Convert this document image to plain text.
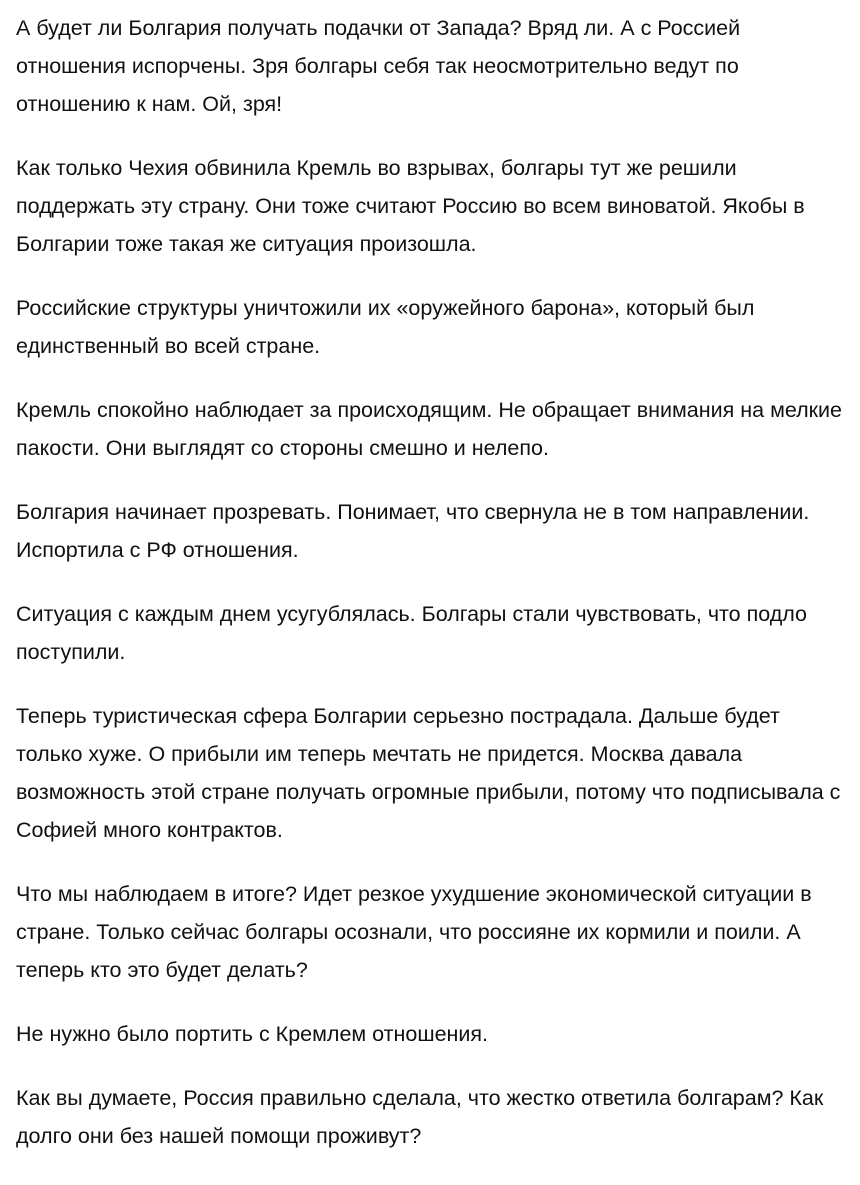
А будет ли Болгария получать подачки от Запада? Вряд ли. А с Россией отношения испорчены. Зря болгары себя так неосмотрительно ведут по отношению к нам. Ой, зря!

Как только Чехия обвинила Кремль во взрывах, болгары тут же решили поддержать эту страну. Они тоже считают Россию во всем виноватой. Якобы в Болгарии тоже такая же ситуация произошла.

Российские структуры уничтожили их «оружейного барона», который был единственный во всей стране.

Кремль спокойно наблюдает за происходящим. Не обращает внимания на мелкие пакости. Они выглядят со стороны смешно и нелепо.

Болгария начинает прозревать. Понимает, что свернула не в том направлении. Испортила с РФ отношения.

Ситуация с каждым днем усугублялась. Болгары стали чувствовать, что подло поступили.

Теперь туристическая сфера Болгарии серьезно пострадала. Дальше будет только хуже. О прибыли им теперь мечтать не придется. Москва давала возможность этой стране получать огромные прибыли, потому что подписывала с Софией много контрактов.

Что мы наблюдаем в итоге? Идет резкое ухудшение экономической ситуации в стране. Только сейчас болгары осознали, что россияне их кормили и поили. А теперь кто это будет делать?

Не нужно было портить с Кремлем отношения.

Как вы думаете, Россия правильно сделала, что жестко ответила болгарам? Как долго они без нашей помощи проживут?
